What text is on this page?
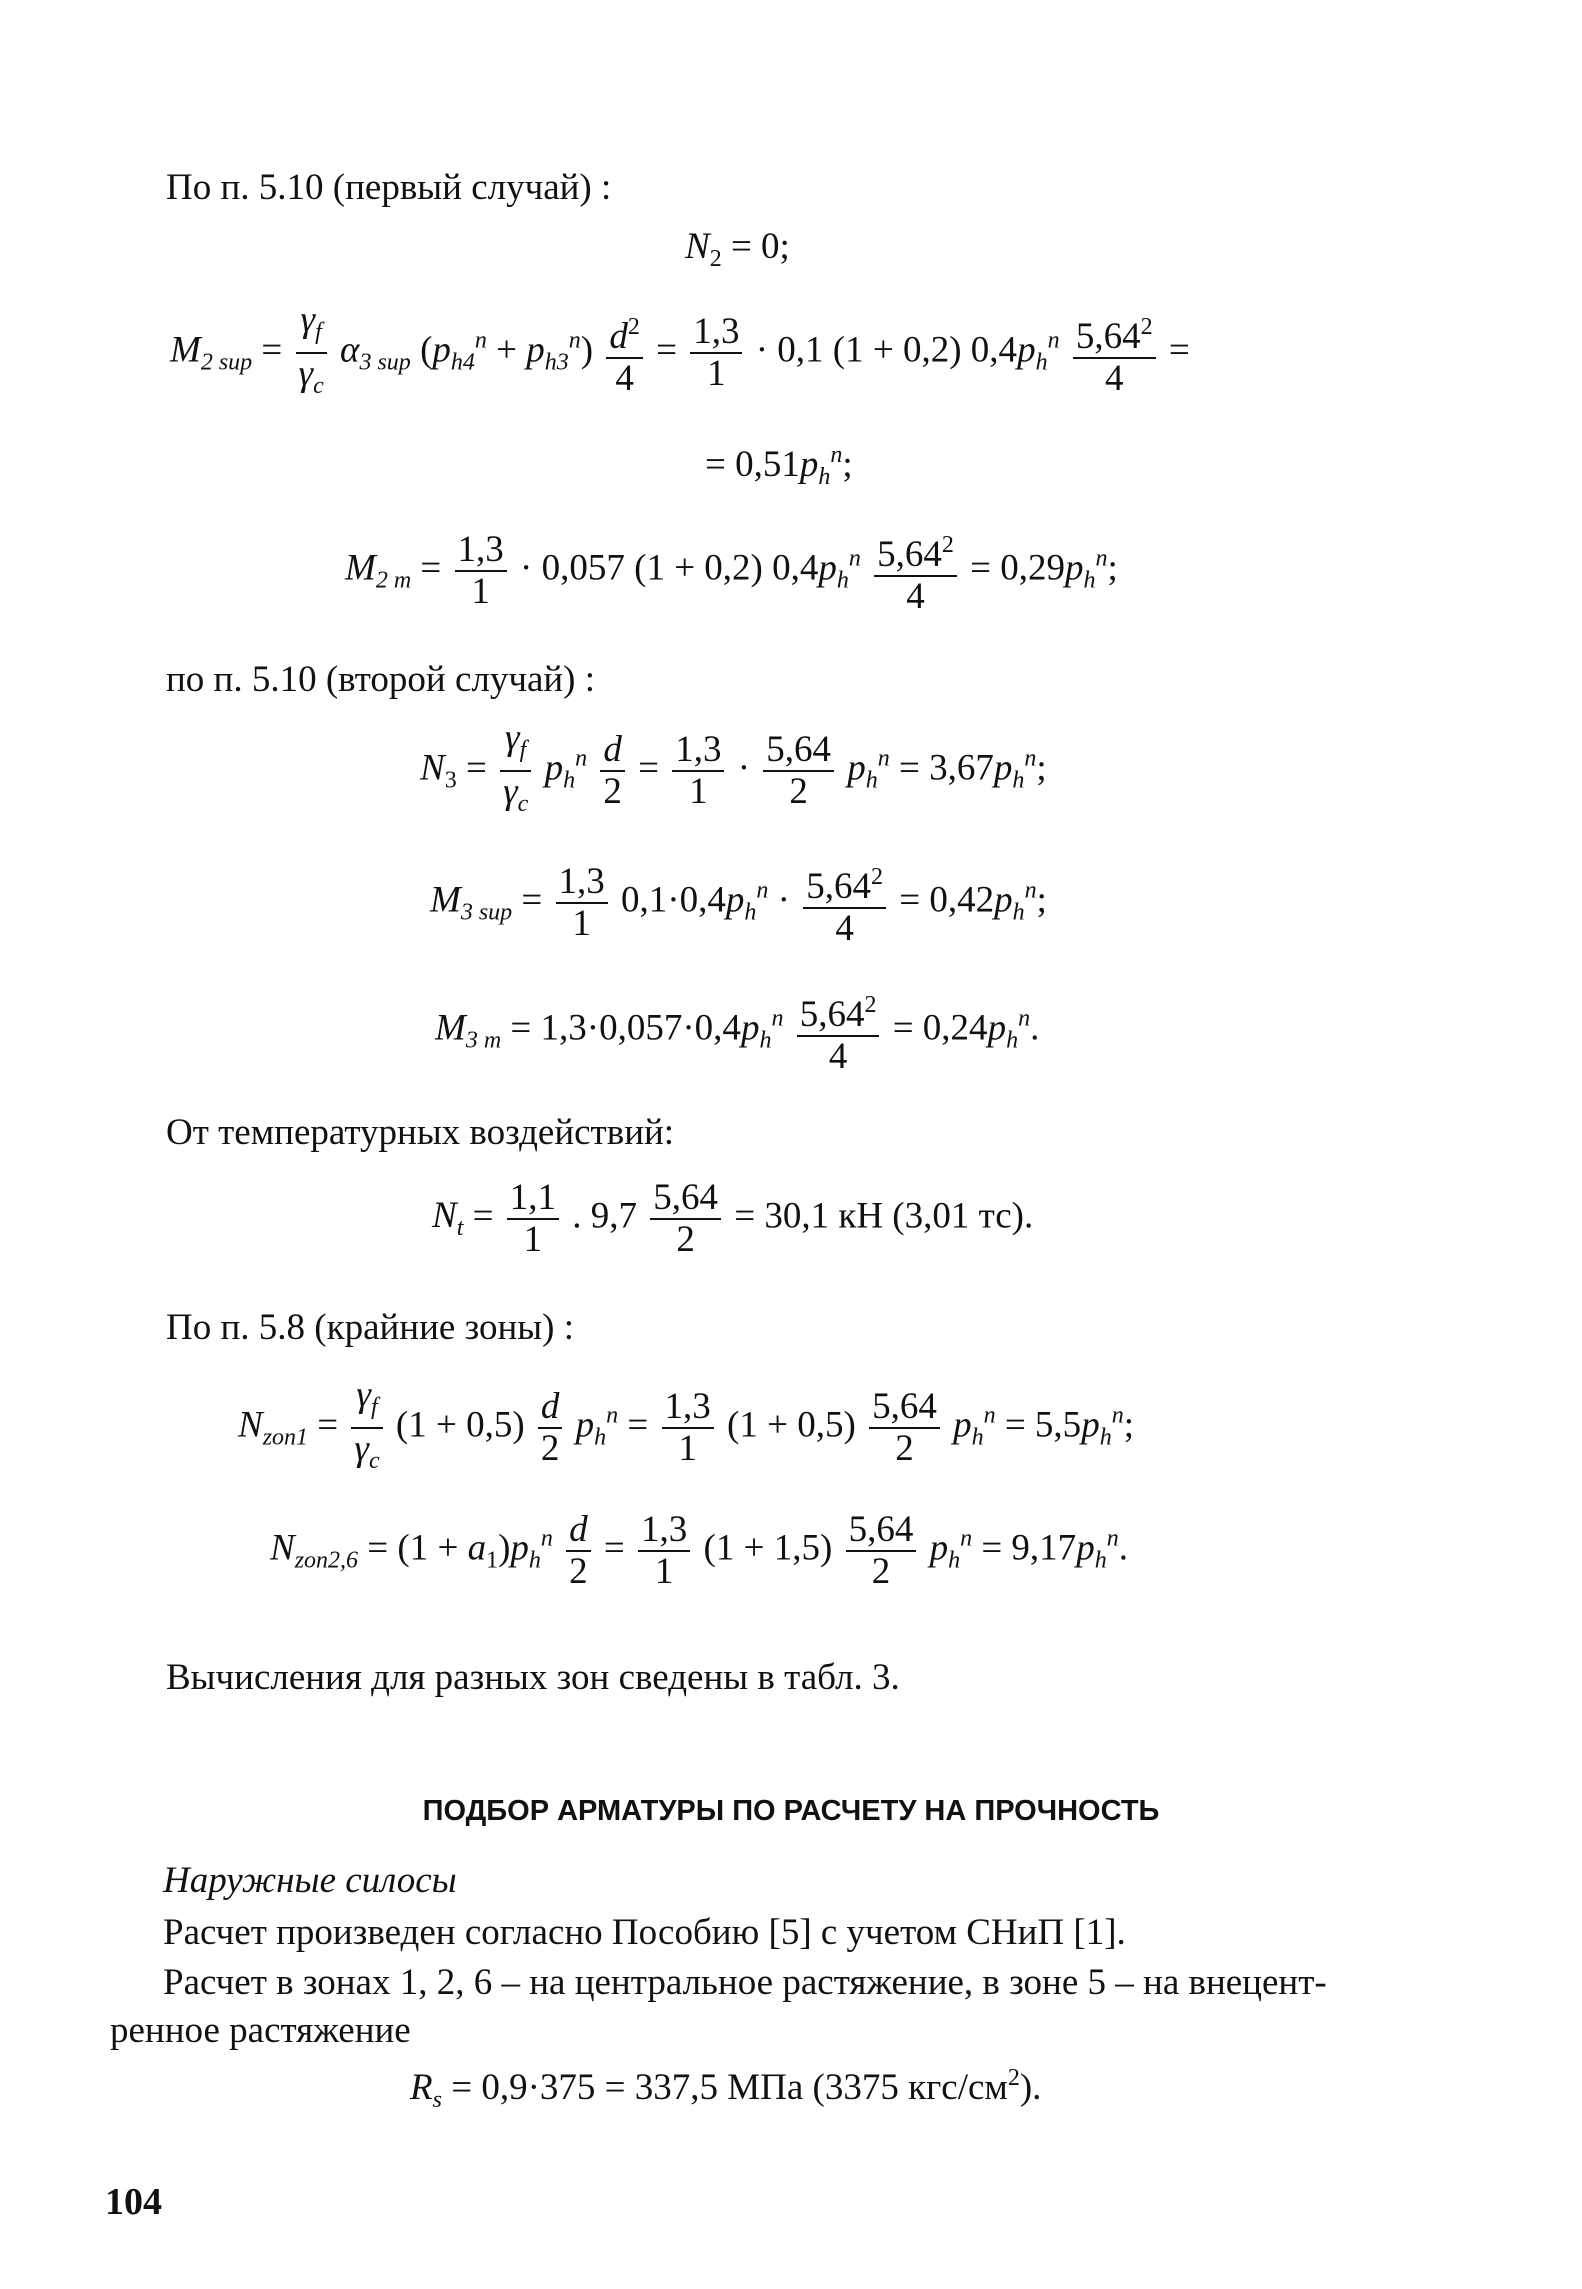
По п. 5.10 (первый случай) :
$N_2 = 0$;
$M_{2 sup} = \frac{\gamma_f}{\gamma_c} \alpha_{3 sup}$ $(p_{h4}^n + p_{h3}^n) \frac{d^2}{4} = \frac{1,3}{1} \cdot 0,1$ (1 + 0,2) $0,4p_h^n \frac{5,64^2}{4}$ =
= $0,51p_h^n$;
$M_{2 m} = \frac{1,3}{1} \cdot 0,057$ (1 + 0,2) $0,4p_h^n \frac{5,64^2}{4} = 0,29p_h^n$;
по п. 5.10 (второй случай) :
$N_3 = \frac{\gamma_f}{\gamma_c} p_h^n \frac{d}{2} = \frac{1,3}{1} \cdot \frac{5,64}{2} p_h^n = 3,67p_h^n$;
$M_{3 sup} = \frac{1,3}{1} 0,1\cdot 0,4p_h^n \cdot \frac{5,64^2}{4} = 0,42p_h^n$;
$M_{3 m} = 1,3\cdot 0,057\cdot 0,4p_h^n \frac{5,64^2}{4} = 0,24p_h^n$.
От температурных воздействий:
$N_t = \frac{1,1}{1}$ . $9,7 \frac{5,64}{2} = 30,1$ кН (3,01 тс).
По п. 5.8 (крайние зоны) :
$N_{zon1} = \frac{\gamma_f}{\gamma_c} (1 + 0,5) \frac{d}{2} p_h^n = \frac{1,3}{1} (1 + 0,5) \frac{5,64}{2} p_h^n = 5,5p_h^n$;
$N_{zon2,6} = (1 + a_1)p_h^n \frac{d}{2} = \frac{1,3}{1} (1 + 1,5) \frac{5,64}{2} p_h^n = 9,17p_h^n$.
Вычисления для разных зон сведены в табл. 3.
ПОДБОР АРМАТУРЫ ПО РАСЧЕТУ НА ПРОЧНОСТЬ
Наружные силосы
Расчет произведен согласно Пособию [5] с учетом СНиП [1].
Расчет в зонах 1, 2, 6 – на центральное растяжение, в зоне 5 – на внецент-
ренное растяжение
$R_s = 0,9\cdot 375 = 337,5$ МПа (3375 кгс/$см^2$).
104
